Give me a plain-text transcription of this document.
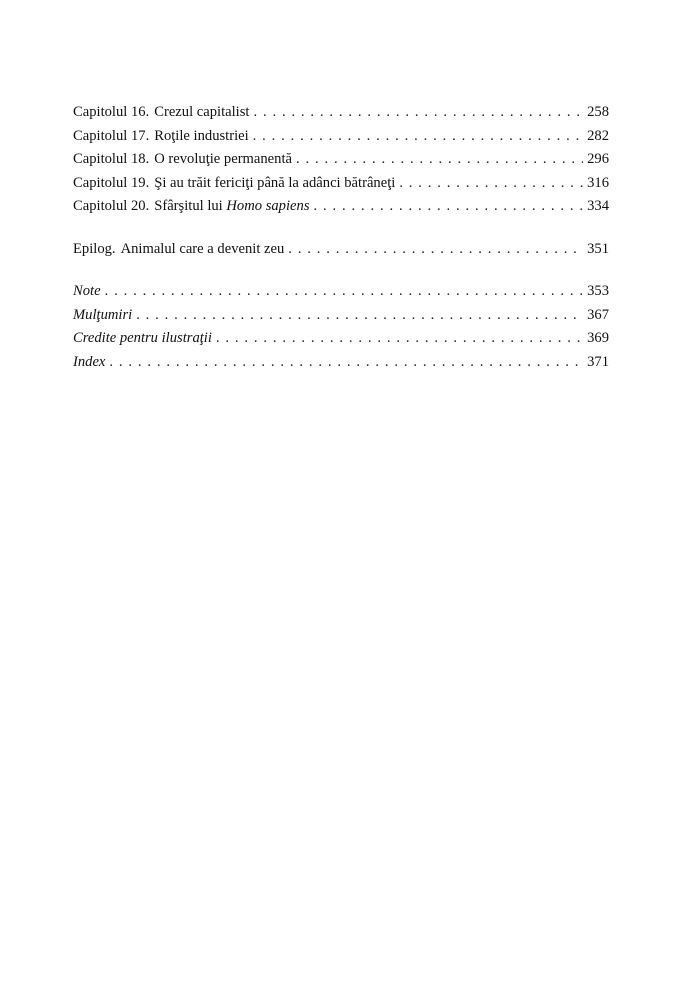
Capitolul 16. Crezul capitalist . . .	258
Capitolul 17. Roţile industriei . . .	282
Capitolul 18. O revoluţie permanentă . . .	296
Capitolul 19. Şi au trăit fericiţi până la adânci bătrâneţi . . .	316
Capitolul 20. Sfârşitul lui Homo sapiens . . .	334
Epilog. Animalul care a devenit zeu . . .	351
Note . . .	353
Mulţumiri . . .	367
Credite pentru ilustraţii . . .	369
Index . . .	371
